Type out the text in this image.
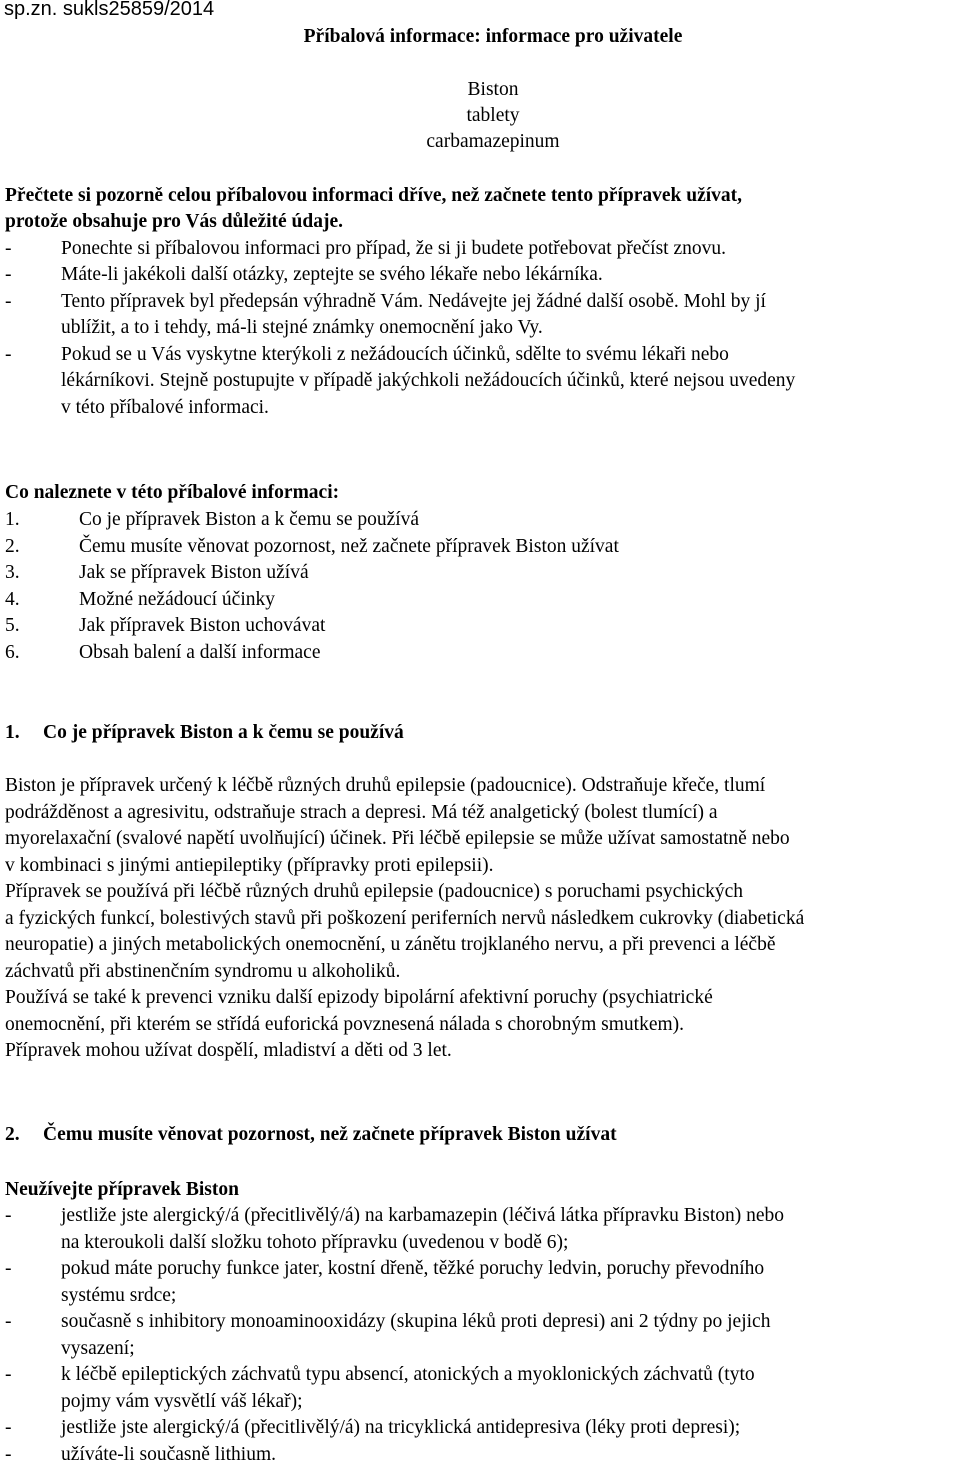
sp.zn. sukls25859/2014
Příbalová informace: informace pro uživatele
Biston
tablety
carbamazepinum
Přečtete si pozorně celou příbalovou informaci dříve, než začnete tento přípravek užívat,
protože obsahuje pro Vás důležité údaje.
-	Ponechte si příbalovou informaci pro případ, že si ji budete potřebovat přečíst znovu.
-	Máte-li jakékoli další otázky, zeptejte se svého lékaře nebo lékárníka.
-	Tento přípravek byl předepsán výhradně Vám. Nedávejte jej žádné další osobě. Mohl by jí
ublížit, a to i tehdy, má-li stejné známky onemocnění jako Vy.
-	Pokud se u Vás vyskytne kterýkoli z nežádoucích účinků, sdělte to svému lékaři nebo
lékárníkovi. Stejně postupujte v případě jakýchkoli nežádoucích účinků, které nejsou uvedeny
v této příbalové informaci.
Co naleznete v této příbalové informaci:
1.	Co je přípravek Biston a k čemu se používá
2.	Čemu musíte věnovat pozornost, než začnete přípravek Biston užívat
3.	Jak se přípravek Biston užívá
4.	Možné nežádoucí účinky
5.	Jak přípravek Biston uchovávat
6.	Obsah balení a další informace
1. Co je přípravek Biston a k čemu se používá
Biston je přípravek určený k léčbě různých druhů epilepsie (padoucnice). Odstraňuje křeče, tlumí
podrážděnost a agresivitu, odstraňuje strach a depresi. Má též analgetický (bolest tlumící) a
myorelaxační (svalové napětí uvolňující) účinek. Při léčbě epilepsie se může užívat samostatně nebo
v kombinaci s jinými antiepileptiky (přípravky proti epilepsii).
Přípravek se používá při léčbě různých druhů epilepsie (padoucnice) s poruchami psychických
a fyzických funkcí, bolestivých stavů při poškození periferních nervů následkem cukrovky (diabetická
neuropatie) a jiných metabolických onemocnění, u zánětu trojklaného nervu, a při prevenci a léčbě
záchvatů při abstinenčním syndromu u alkoholiků.
Používá se také k prevenci vzniku další epizody bipolární afektivní poruchy (psychiatrické
onemocnění, při kterém se střídá euforická povznesená nálada s chorobným smutkem).
Přípravek mohou užívat dospělí, mladiství a děti od 3 let.
2. Čemu musíte věnovat pozornost, než začnete přípravek Biston užívat
Neužívejte přípravek Biston
-	jestliže jste alergický/á (přecitlivělý/á) na karbamazepin (léčivá látka přípravku Biston) nebo
na kteroukoli další složku tohoto přípravku (uvedenou v bodě 6);
-	pokud máte poruchy funkce jater, kostní dřeně, těžké poruchy ledvin, poruchy převodního
systému srdce;
-	současně s inhibitory monoaminooxidázy (skupina léků proti depresi) ani 2 týdny po jejich
vysazení;
-	k léčbě epileptických záchvatů typu absencí, atonických a myoklonických záchvatů (tyto
pojmy vám vysvětlí váš lékař);
-	jestliže jste alergický/á (přecitlivělý/á) na tricyklická antidepresiva (léky proti depresi);
-	užíváte-li současně lithium.
